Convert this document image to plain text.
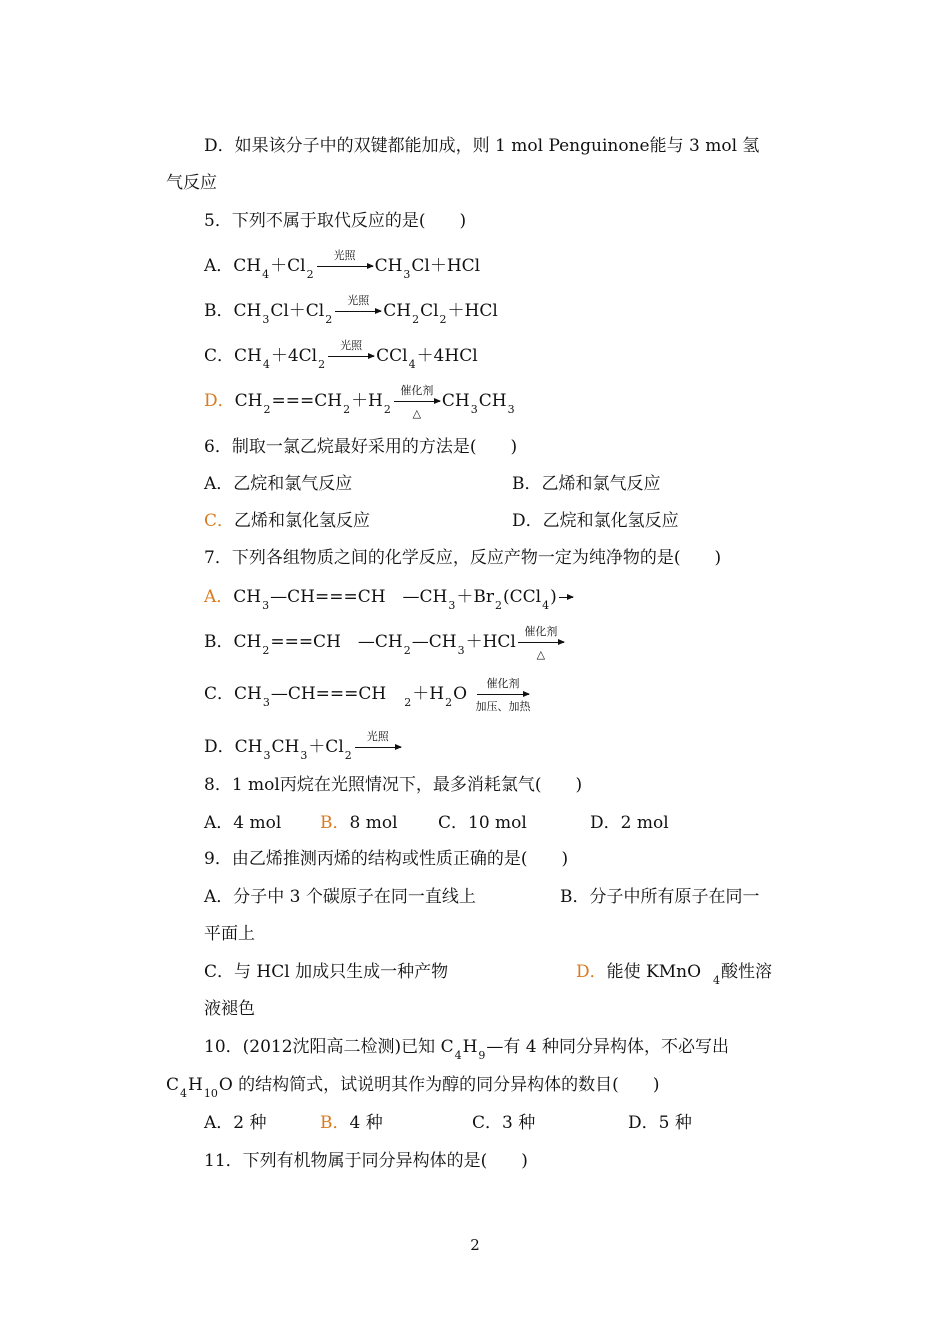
D．如果该分子中的双键都能加成，则 1 mol Penguinone能与 3 mol 氢
气反应
5．下列不属于取代反应的是(　　)
A．$CH_4+Cl_2$
光照
$CH_3Cl+HCl$
B．$CH_3Cl+Cl_2$
光照
$CH_2Cl_2+HCl$
C．$CH_4+4Cl_2$
光照
CCl$_4$＋4HCl
D．$CH_2===CH_2+H_2$
催化剂
△
$CH_3CH_3$
6．制取一氯乙烷最好采用的方法是(　　)
A．乙烷和氯气反应	B．乙烯和氯气反应
C．乙烯和氯化氢反应	D．乙烷和氯化氢反应
7．下列各组物质之间的化学反应，反应产物一定为纯净物的是(　　)
A．$CH_3—CH===CH$　$—CH_3+Br_2(CCl_4)$
B．$CH_2===CH$　$—CH_2—CH_3+HCl$
催化剂
△
C．$CH_3—CH===CH$　$_2+H_2O$
催化剂
加压、加热
D．$CH_3CH_3+Cl_2$
光照
8．1 mol丙烷在光照情况下，最多消耗氯气(　　)
A．4 mol B．8 mol C．10 mol	D．2 mol
9．由乙烯推测丙烯的结构或性质正确的是(　　)
A．分子中 3 个碳原子在同一直线上	B．分子中所有原子在同一
平面上
C．与 HCl 加成只生成一种产物	D．能使 KMnO $_4$酸性溶
液褪色
10．(2012沈阳高二检测)已知 $C_4H_9—$有 4 种同分异构体，不必写出
$C_4H_{10}O$ 的结构简式，试说明其作为醇的同分异构体的数目(　　)
A．2 种	B．4 种	C．3 种	D．5 种
11．下列有机物属于同分异构体的是(　　)
2
